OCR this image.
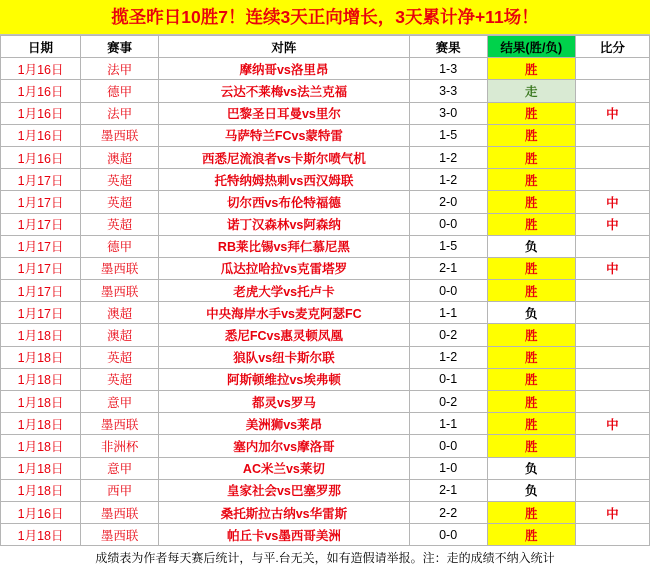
揽圣昨日10胜7！连续3天正向增长，3天累计净+11场！
日期	赛事	对阵	赛果	结果(胜/负)	比分
1月16日	法甲	摩纳哥vs洛里昂	1-3	胜	
1月16日	德甲	云达不莱梅vs法兰克福	3-3	走	
1月16日	法甲	巴黎圣日耳曼vs里尔	3-0	胜	中
1月16日	墨西联	马萨特兰FCvs蒙特雷	1-5	胜	
1月16日	澳超	西悉尼流浪者vs卡斯尔喷气机	1-2	胜	
1月17日	英超	托特纳姆热刺vs西汉姆联	1-2	胜	
1月17日	英超	切尔西vs布伦特福德	2-0	胜	中
1月17日	英超	诺丁汉森林vs阿森纳	0-0	胜	中
1月17日	德甲	RB莱比锡vs拜仁慕尼黑	1-5	负	
1月17日	墨西联	瓜达拉哈拉vs克雷塔罗	2-1	胜	中
1月17日	墨西联	老虎大学vs托卢卡	0-0	胜	
1月17日	澳超	中央海岸水手vs麦克阿瑟FC	1-1	负	
1月18日	澳超	悉尼FCvs惠灵顿凤凰	0-2	胜	
1月18日	英超	狼队vs纽卡斯尔联	1-2	胜	
1月18日	英超	阿斯顿维拉vs埃弗顿	0-1	胜	
1月18日	意甲	都灵vs罗马	0-2	胜	
1月18日	墨西联	美洲狮vs莱昂	1-1	胜	中
1月18日	非洲杯	塞内加尔vs摩洛哥	0-0	胜	
1月18日	意甲	AC米兰vs莱切	1-0	负	
1月18日	西甲	皇家社会vs巴塞罗那	2-1	负	
1月16日	墨西联	桑托斯拉古纳vs华雷斯	2-2	胜	中
1月18日	墨西联	帕丘卡vs墨西哥美洲	0-0	胜	
成绩表为作者每天赛后统计，与平.台无关，如有造假请举报。注：走的成绩不纳入统计
